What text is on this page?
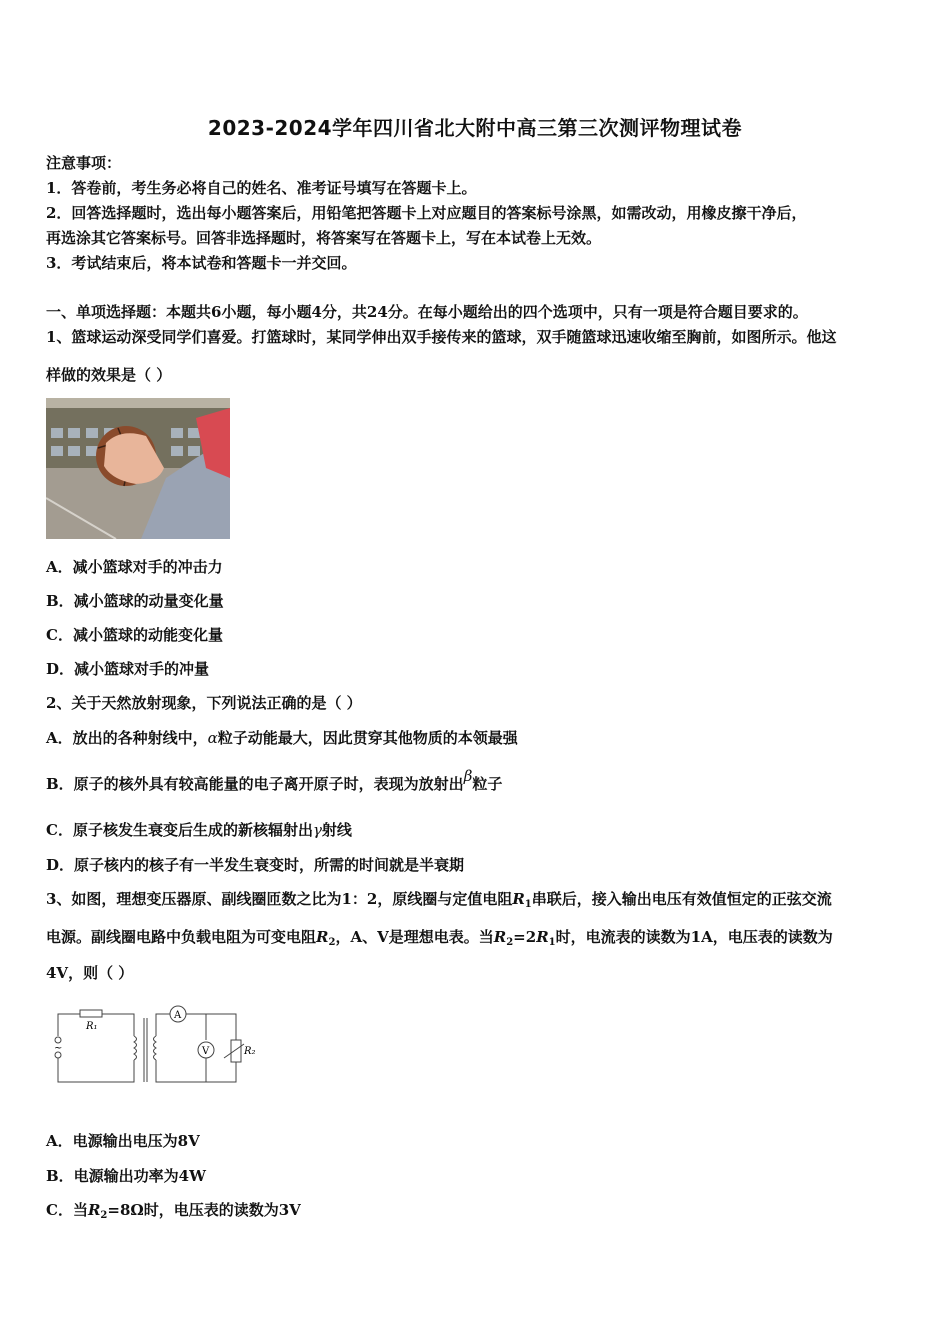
2023-2024学年四川省北大附中高三第三次测评物理试卷
注意事项：
1．答卷前，考生务必将自己的姓名、准考证号填写在答题卡上。
2．回答选择题时，选出每小题答案后，用铅笔把答题卡上对应题目的答案标号涂黑，如需改动，用橡皮擦干净后，
再选涂其它答案标号。回答非选择题时，将答案写在答题卡上，写在本试卷上无效。
3．考试结束后，将本试卷和答题卡一并交回。
一、单项选择题：本题共6小题，每小题4分，共24分。在每小题给出的四个选项中，只有一项是符合题目要求的。
1、篮球运动深受同学们喜爱。打篮球时，某同学伸出双手接传来的篮球，双手随篮球迅速收缩至胸前，如图所示。他这
样做的效果是（ ）
A．减小篮球对手的冲击力
B．减小篮球的动量变化量
C．减小篮球的动能变化量
D．减小篮球对手的冲量
2、关于天然放射现象，下列说法正确的是（ ）
A．放出的各种射线中，α粒子动能最大，因此贯穿其他物质的本领最强
B．原子的核外具有较高能量的电子离开原子时，表现为放射出β粒子
C．原子核发生衰变后生成的新核辐射出γ射线
D．原子核内的核子有一半发生衰变时，所需的时间就是半衰期
3、如图，理想变压器原、副线圈匝数之比为1：2，原线圈与定值电阻$R_1$串联后，接入输出电压有效值恒定的正弦交流
电源。副线圈电路中负载电阻为可变电阻$R_2$，A、V是理想电表。当$R_2=2R_1$时，电流表的读数为1A，电压表的读数为
4V，则（ ）
R₁
A
V	R₂
~
A．电源输出电压为8V
B．电源输出功率为4W
C．当$R_2=8\Omega$时，电压表的读数为3V
